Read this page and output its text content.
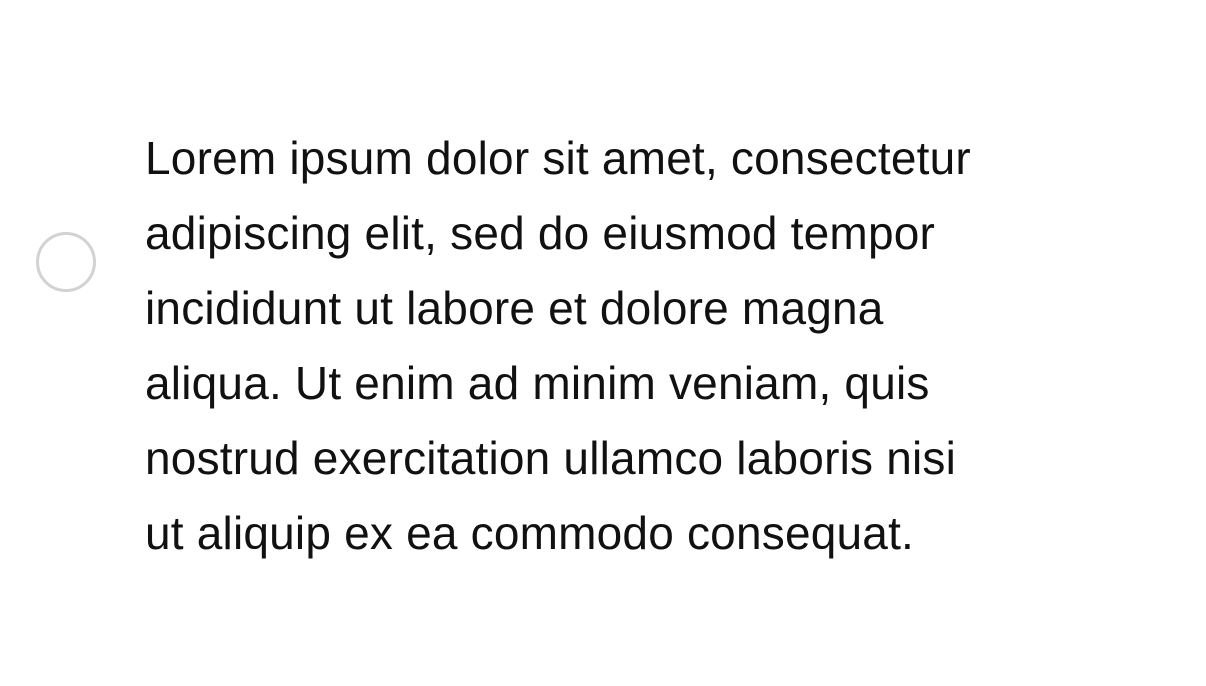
Lorem ipsum dolor sit amet, consectetur
adipiscing elit, sed do eiusmod tempor
incididunt ut labore et dolore magna
aliqua. Ut enim ad minim veniam, quis
nostrud exercitation ullamco laboris nisi
ut aliquip ex ea commodo consequat.
